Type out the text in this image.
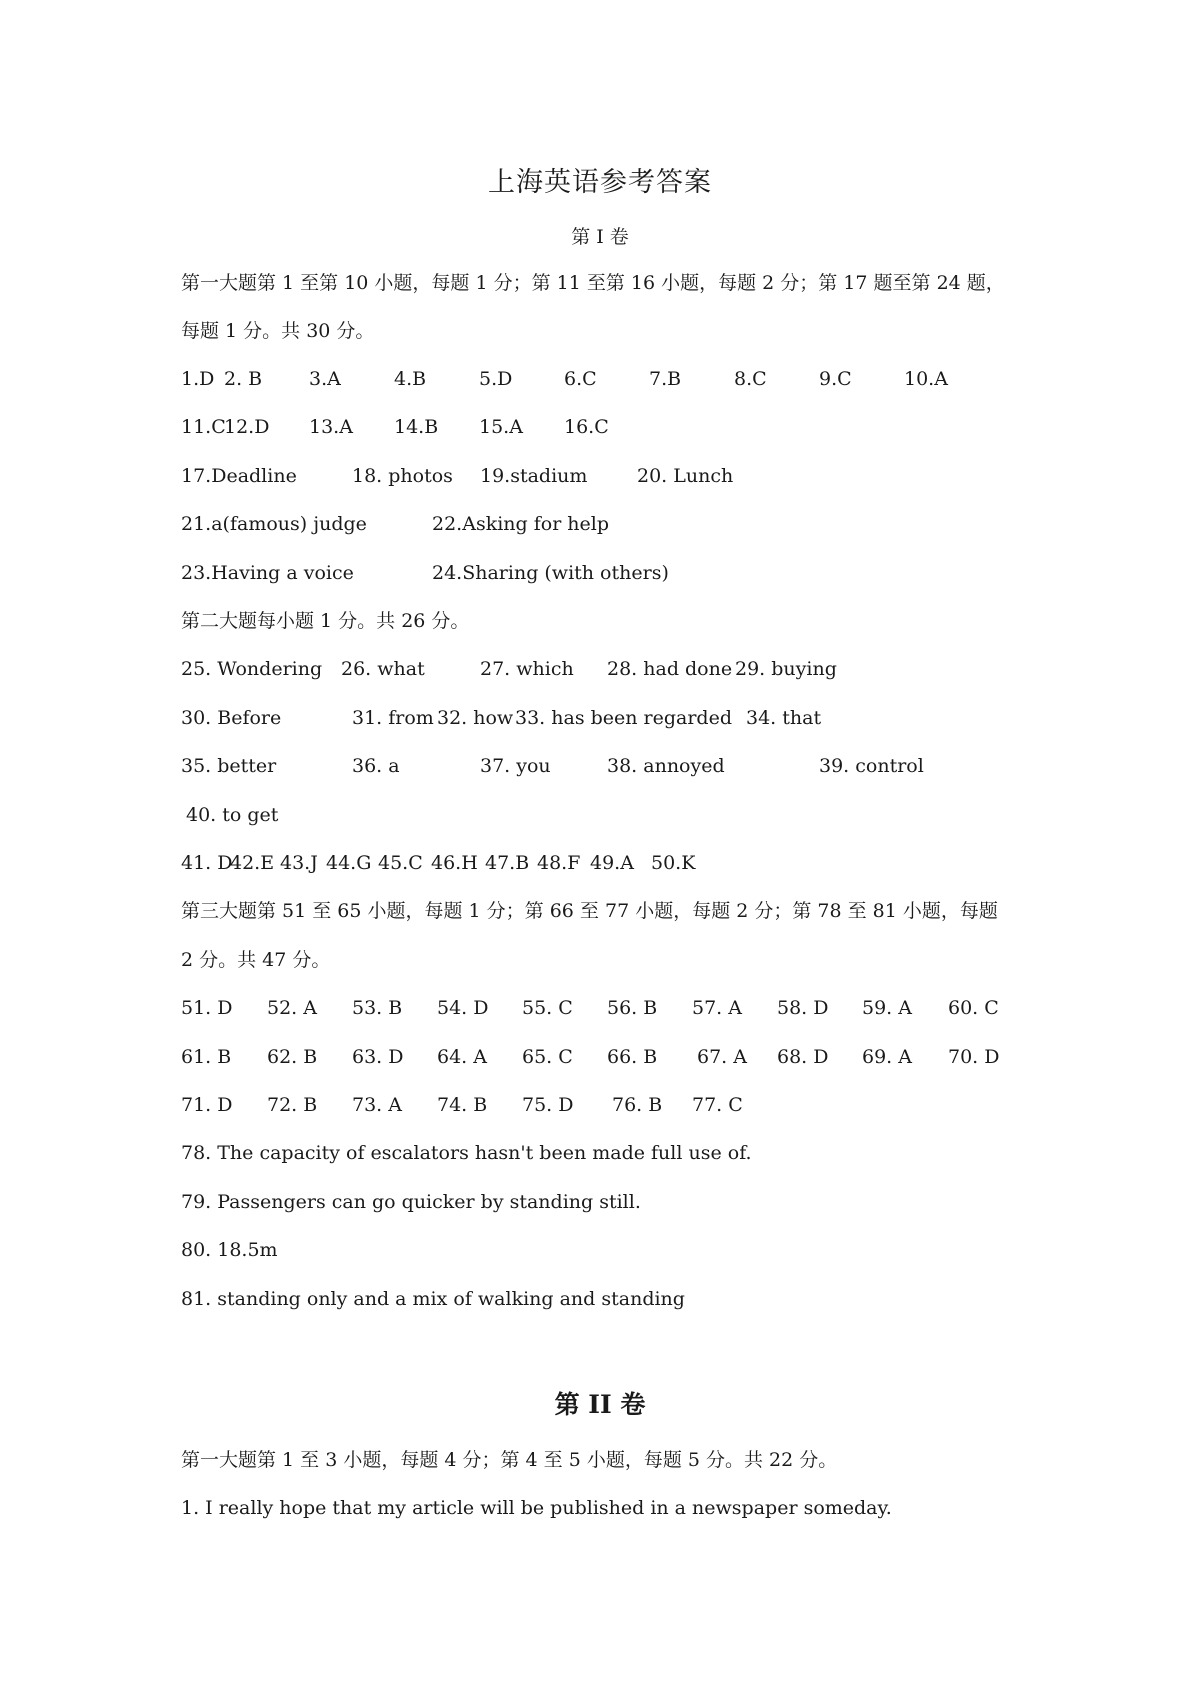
上海英语参考答案
第 I 卷
第一大题第 1 至第 10 小题，每题 1 分；第 11 至第 16 小题，每题 2 分；第 17 题至第 24 题，
每题 1 分。共 30 分。
1.D 2. B 3.A	4.B	5.D	6.C	7.B	8.C	9.C	10.A
11.C
12.D 13.A 14.B 15.A 16.C
17.Deadline	18. photos 19.stadium	20. Lunch
21.a(famous) judge	22.Asking for help
23.Having a voice	24.Sharing (with others)
第二大题每小题 1 分。共 26 分。
25. Wondering 26. what	27. which 28. had done 29. buying
30. Before	31. from 32. how 33. has been regarded 34. that
35. better	36. a	37. you	38. annoyed	39. control
40. to get
41. D
42.E 43.J 44.G 45.C 46.H 47.B 48.F 49.A 50.K
第三大题第 51 至 65 小题，每题 1 分；第 66 至 77 小题，每题 2 分；第 78 至 81 小题，每题
2 分。共 47 分。
51. D 52. A 53. B 54. D 55. C 56. B 57. A 58. D 59. A 60. C
61. B 62. B 63. D 64. A 65. C 66. B 67. A 68. D 69. A 70. D
71. D 72. B 73. A 74. B 75. D 76. B 77. C
78. The capacity of escalators hasn't been made full use of.
79. Passengers can go quicker by standing still.
80. 18.5m
81. standing only and a mix of walking and standing
第 II 卷
第一大题第 1 至 3 小题，每题 4 分；第 4 至 5 小题，每题 5 分。共 22 分。
1. I really hope that my article will be published in a newspaper someday.
